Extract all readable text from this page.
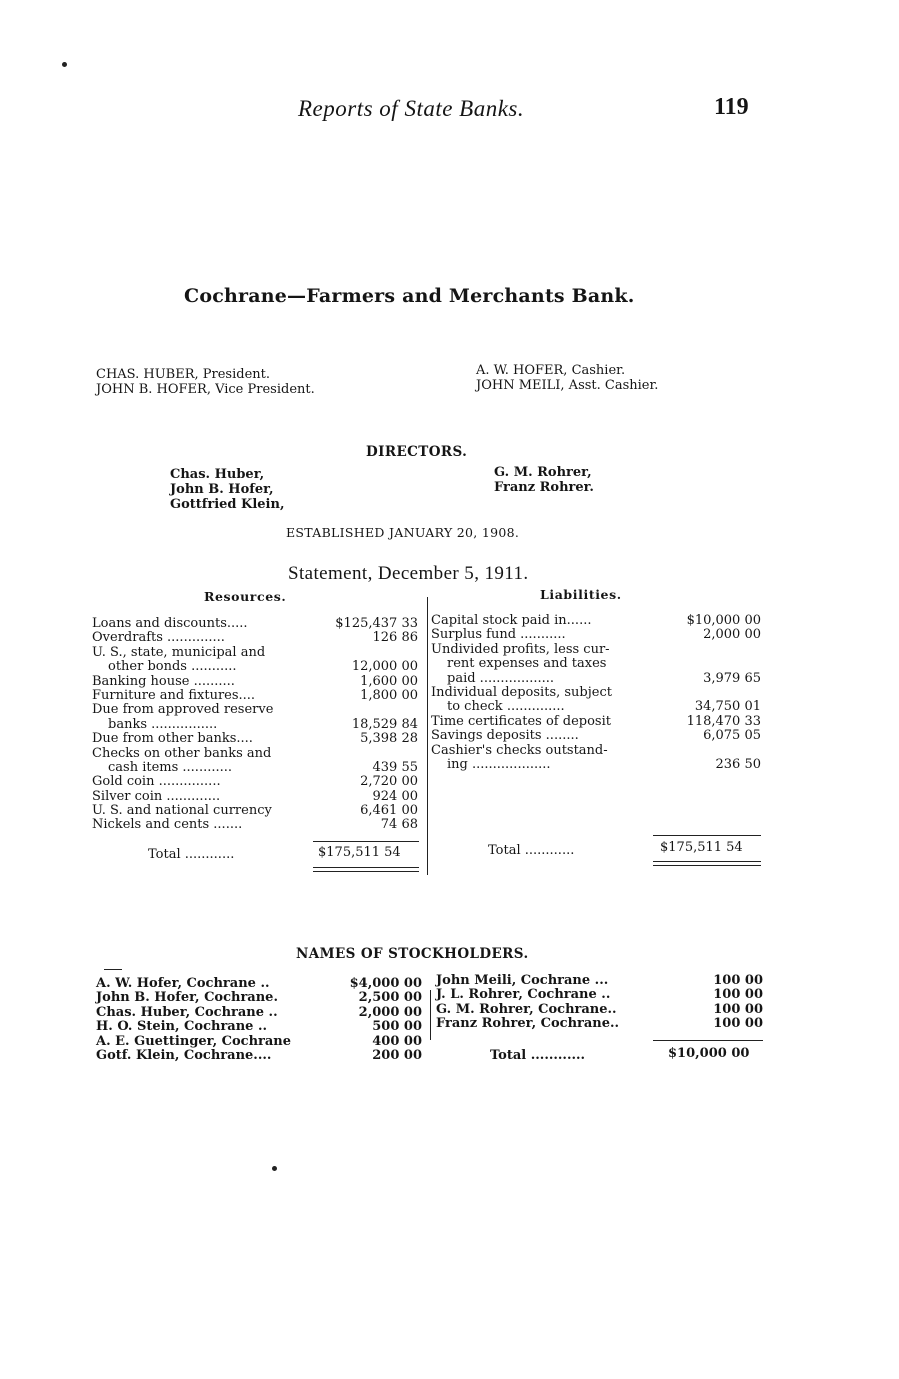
Reports of State Banks.	119
Cochrane—Farmers and Merchants Bank.
CHAS. HUBER, President.
JOHN B. HOFER, Vice President.
A. W. HOFER, Cashier.
JOHN MEILI, Asst. Cashier.
DIRECTORS.
Chas. Huber,
John B. Hofer,
Gottfried Klein,
G. M. Rohrer,
Franz Rohrer.
ESTABLISHED JANUARY 20, 1908.
Statement, December 5, 1911.
Resources.	Liabilities.
Loans and discounts.....	$125,437 33
Overdrafts ..............	126 86
U. S., state, municipal and
other bonds ...........	12,000 00
Banking house ..........	1,600 00
Furniture and fixtures....	1,800 00
Due from approved reserve
banks ................	18,529 84
Due from other banks....	5,398 28
Checks on other banks and
cash items ............	439 55
Gold coin ...............	2,720 00
Silver coin .............	924 00
U. S. and national currency	6,461 00
Nickels and cents .......	74 68
Capital stock paid in......	$10,000 00
Surplus fund ...........	2,000 00
Undivided profits, less cur-
rent expenses and taxes
paid ..................	3,979 65
Individual deposits, subject
to check ..............	34,750 01
Time certificates of deposit	118,470 33
Savings deposits ........	6,075 05
Cashier's checks outstand-
ing ...................	236 50
Total ............	$175,511 54	Total ............	$175,511 54
NAMES OF STOCKHOLDERS.
A. W. Hofer, Cochrane ..	$4,000 00
John B. Hofer, Cochrane.	2,500 00
Chas. Huber, Cochrane ..	2,000 00
H. O. Stein, Cochrane ..	500 00
A. E. Guettinger, Cochrane	400 00
Gotf. Klein, Cochrane....	200 00
John Meili, Cochrane ...	100 00
J. L. Rohrer, Cochrane ..	100 00
G. M. Rohrer, Cochrane..	100 00
Franz Rohrer, Cochrane..	100 00
Total ............	$10,000 00
